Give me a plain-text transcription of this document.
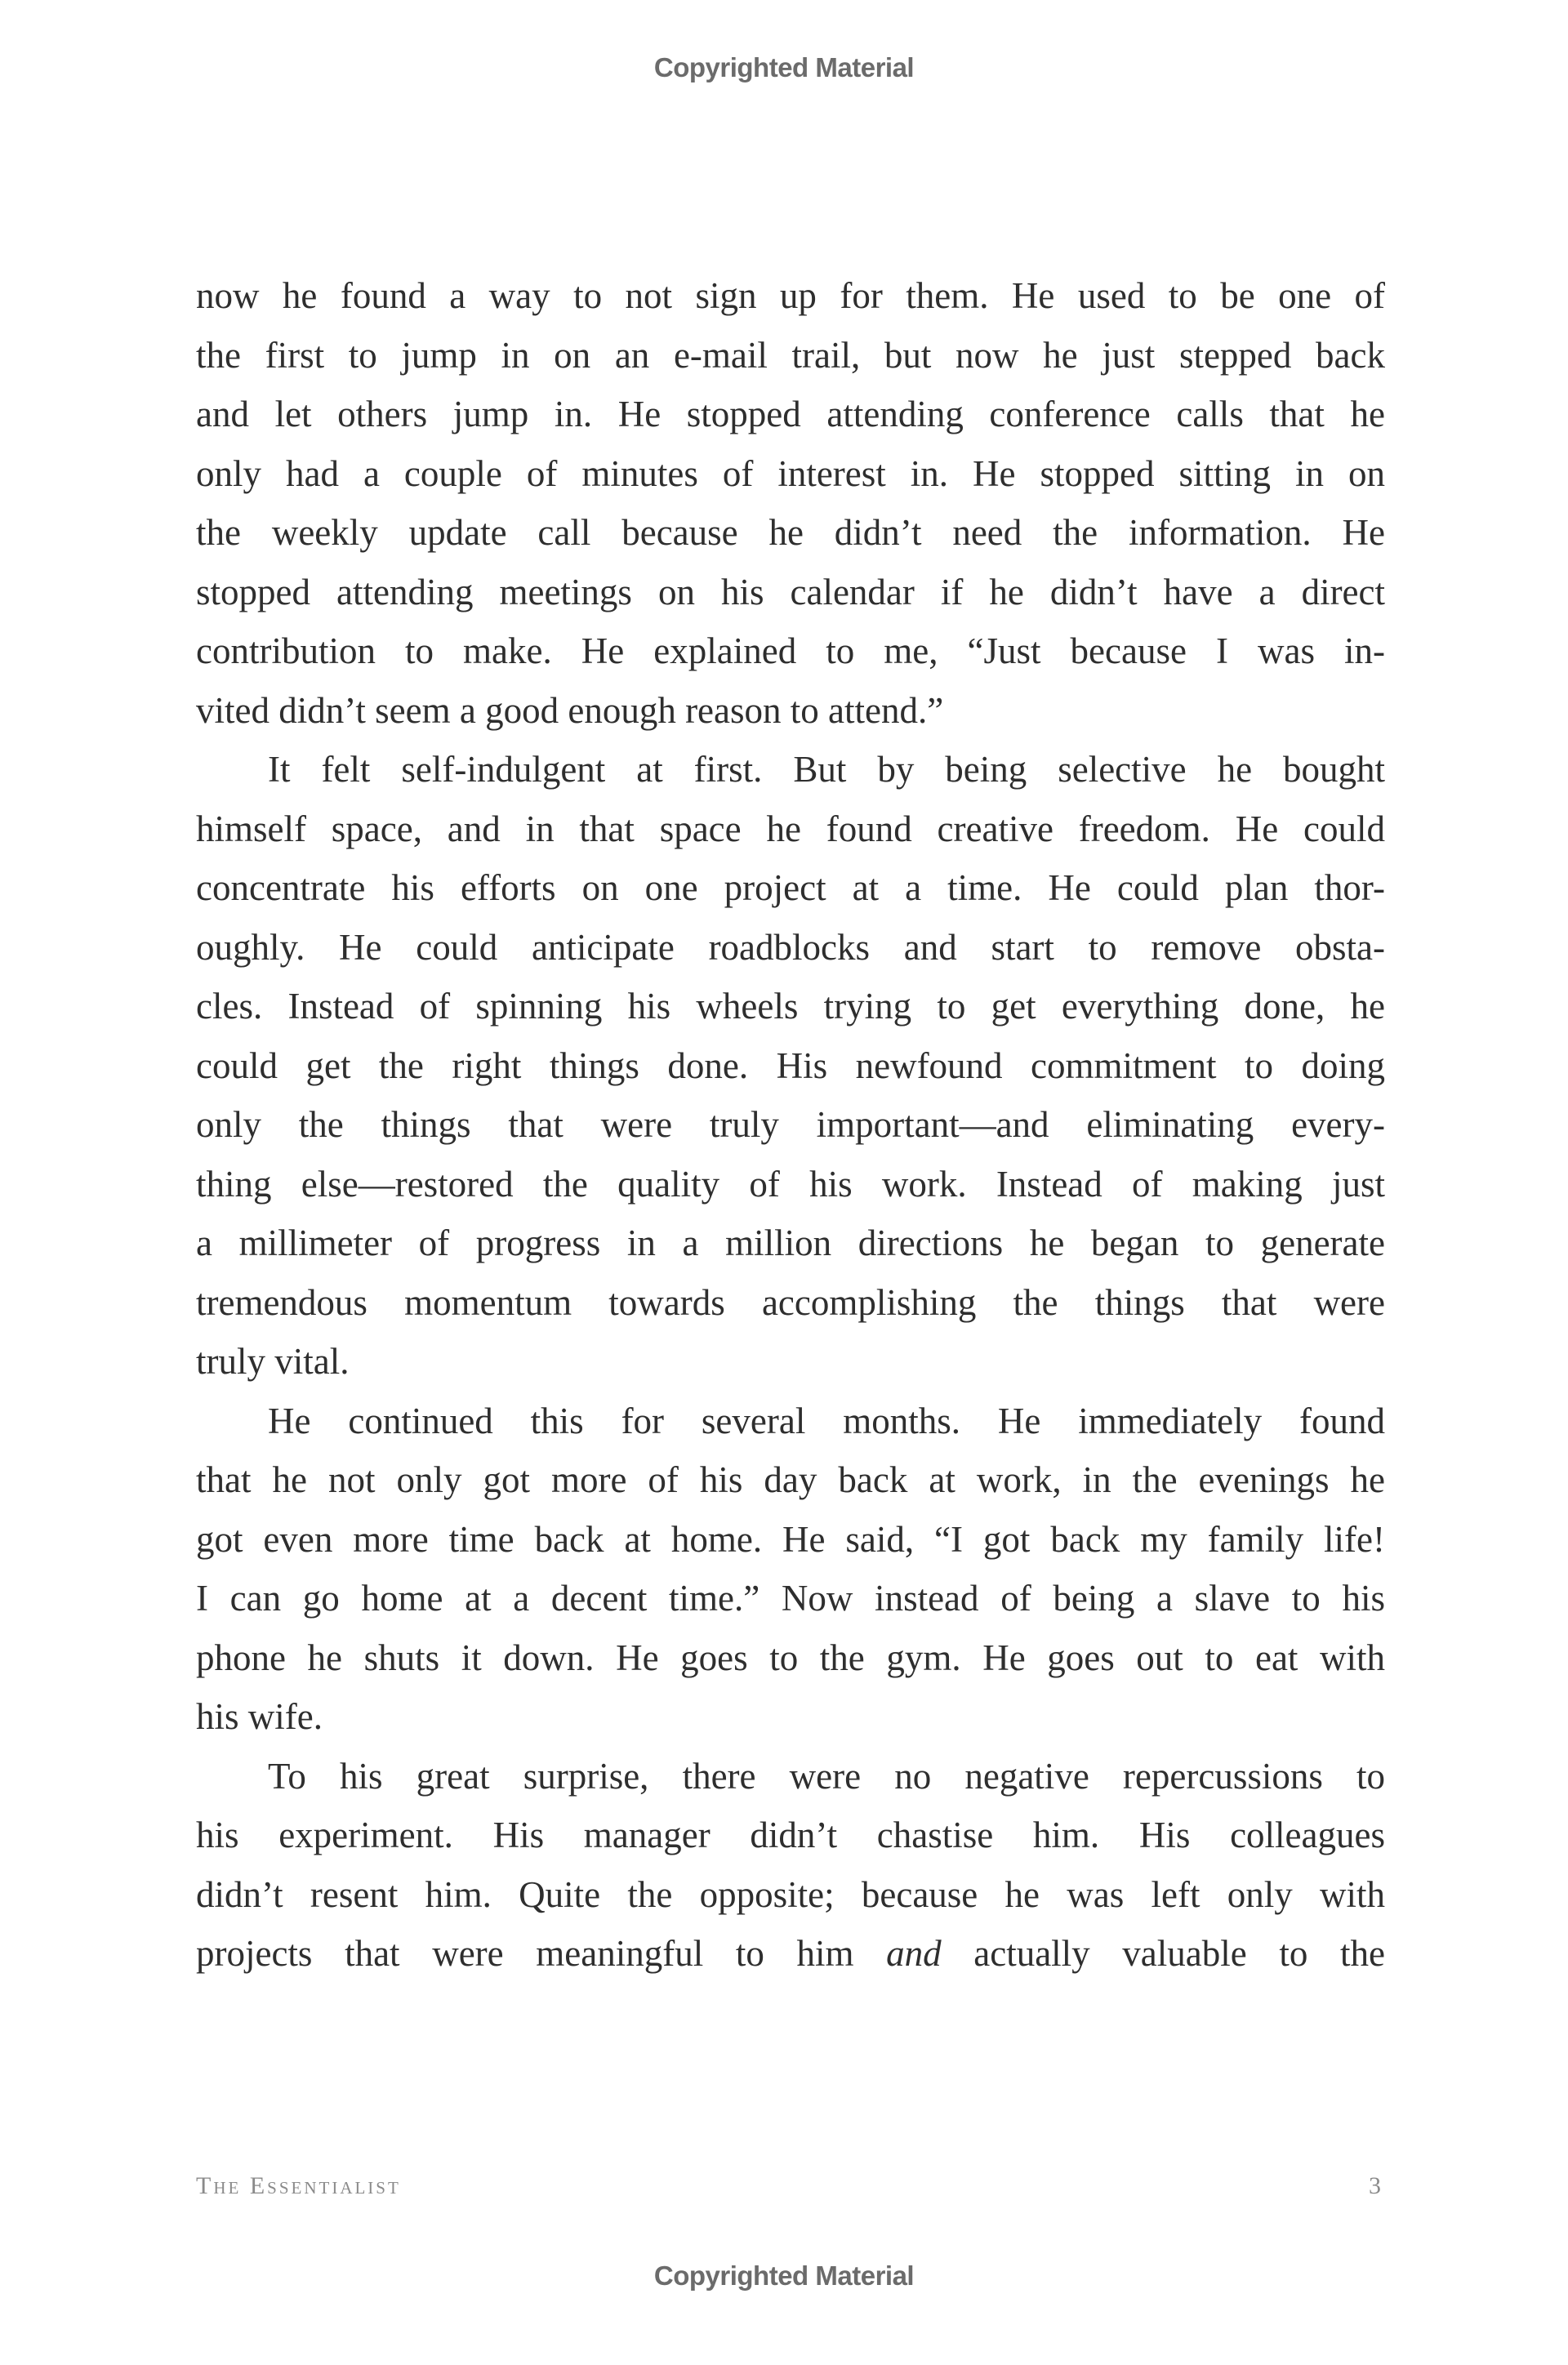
Copyrighted Material
now he found a way to not sign up for them. He used to be one of
the first to jump in on an e-mail trail, but now he just stepped back
and let others jump in. He stopped attending conference calls that he
only had a couple of minutes of interest in. He stopped sitting in on
the weekly update call because he didn’t need the information. He
stopped attending meetings on his calendar if he didn’t have a direct
contribution to make. He explained to me, “Just because I was in-
vited didn’t seem a good enough reason to attend.”
It felt self-indulgent at first. But by being selective he bought
himself space, and in that space he found creative freedom. He could
concentrate his efforts on one project at a time. He could plan thor-
oughly. He could anticipate roadblocks and start to remove obsta-
cles. Instead of spinning his wheels trying to get everything done, he
could get the right things done. His newfound commitment to doing
only the things that were truly important—and eliminating every-
thing else—restored the quality of his work. Instead of making just
a millimeter of progress in a million directions he began to generate
tremendous momentum towards accomplishing the things that were
truly vital.
He continued this for several months. He immediately found
that he not only got more of his day back at work, in the evenings he
got even more time back at home. He said, “I got back my family life!
I can go home at a decent time.” Now instead of being a slave to his
phone he shuts it down. He goes to the gym. He goes out to eat with
his wife.
To his great surprise, there were no negative repercussions to
his experiment. His manager didn’t chastise him. His colleagues
didn’t resent him. Quite the opposite; because he was left only with
projects that were meaningful to him and actually valuable to the
The Essentialist	3
Copyrighted Material
